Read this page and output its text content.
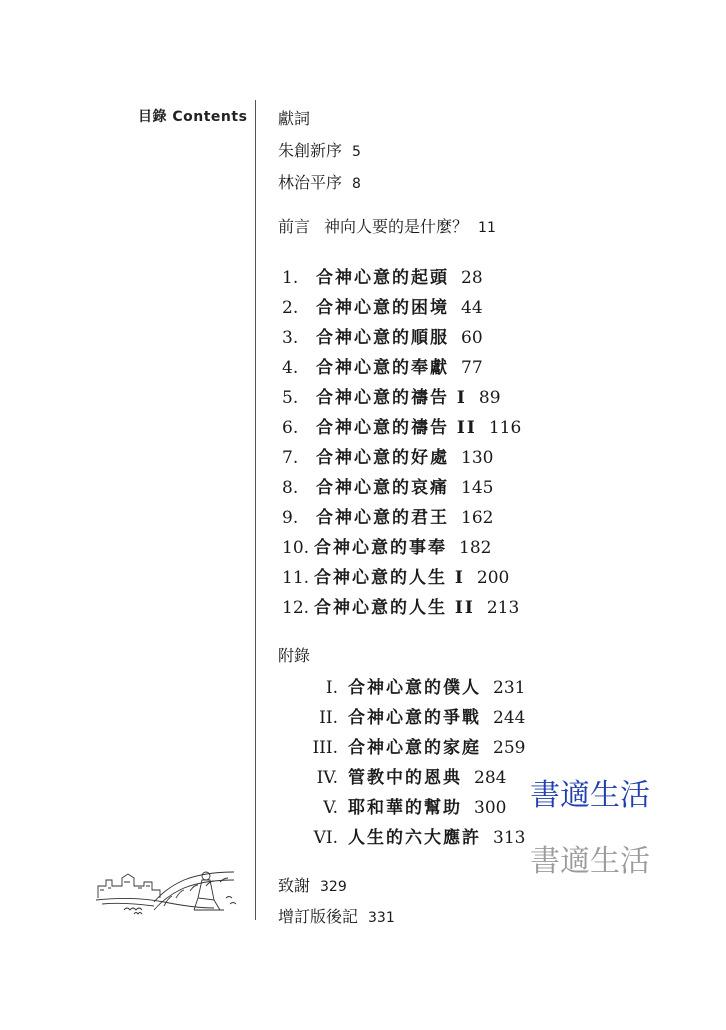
目錄 Contents 獻詞
朱創新序 5
林治平序 8
前言 神向人要的是什麼？ 11
1. 合神心意的起頭 28
2. 合神心意的困境 44
3. 合神心意的順服 60
4. 合神心意的奉獻 77
5. 合神心意的禱告 I 89
6. 合神心意的禱告 II 116
7. 合神心意的好處 130
8. 合神心意的哀痛 145
9. 合神心意的君王 162
10. 合神心意的事奉 182
11. 合神心意的人生 I 200
12. 合神心意的人生 II 213
附錄
I. 合神心意的僕人 231
II. 合神心意的爭戰 244
III. 合神心意的家庭 259
IV. 管教中的恩典 284
V. 耶和華的幫助 300
VI. 人生的六大應許 313
致謝 329
增訂版後記 331
書適生活
書適生活
